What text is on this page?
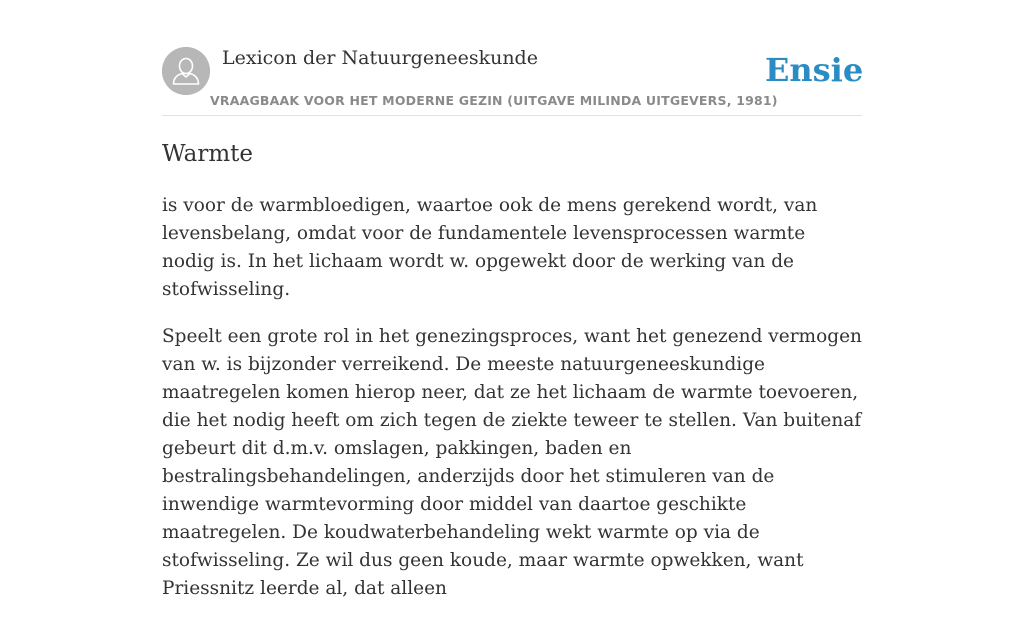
Lexicon der Natuurgeneeskunde
VRAAGBAAK VOOR HET MODERNE GEZIN (UITGAVE MILINDA UITGEVERS, 1981)
Ensie
Warmte

is voor de warmbloedigen, waartoe ook de mens gerekend wordt, van levensbelang, omdat voor de fundamentele levensprocessen warmte nodig is. In het lichaam wordt w. opgewekt door de werking van de stofwisseling.

Speelt een grote rol in het genezingsproces, want het genezend vermogen van w. is bijzonder verreikend. De meeste natuurgeneeskundige maatregelen komen hierop neer, dat ze het lichaam de warmte toevoeren, die het nodig heeft om zich tegen de ziekte teweer te stellen. Van buitenaf gebeurt dit d.m.v. omslagen, pakkingen, baden en bestralingsbehandelingen, anderzijds door het stimuleren van de inwendige warmtevorming door middel van daartoe geschikte maatregelen. De koudwaterbehandeling wekt warmte op via de stofwisseling. Ze wil dus geen koude, maar warmte opwekken, want Priessnitz leerde al, dat alleen
